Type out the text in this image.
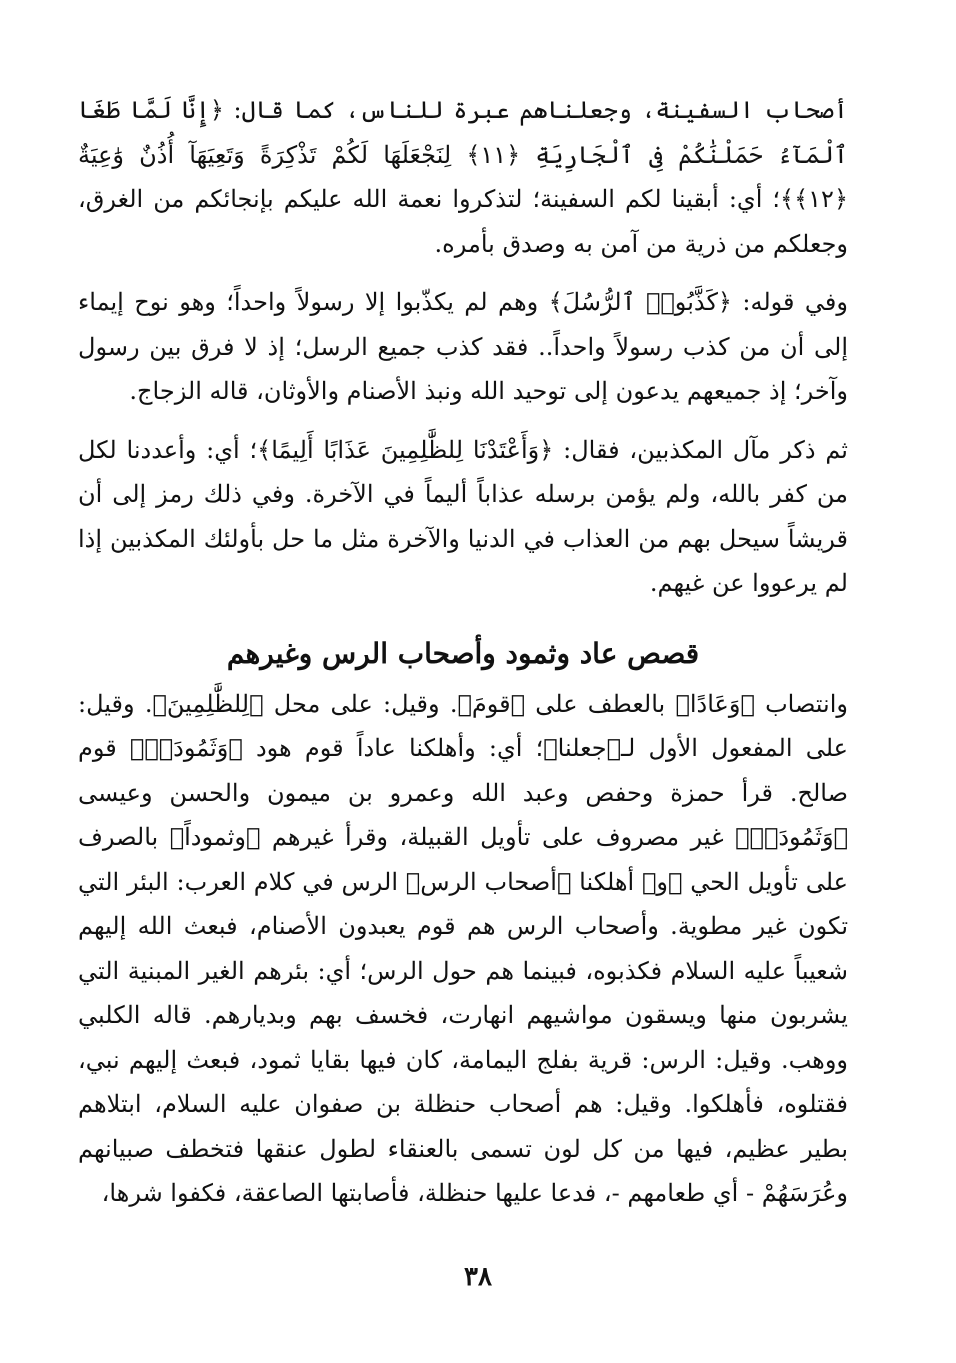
أصحاب السفينة، وجعلناهم عبرة للناس، كما قال: ﴿إِنَّا لَمَّا طَغَا ٱلْمَآءُ حَمَلْنَٰكُمْ فِى ٱلْجَارِيَةِ ﴿١١﴾ لِنَجْعَلَهَا لَكُمْ تَذْكِرَةً وَتَعِيَهَآ أُذُنٌ وَٰعِيَةٌ ﴿١٢﴾﴾؛ أي: أبقينا لكم السفينة؛ لتذكروا نعمة الله عليكم بإنجائكم من الغرق، وجعلكم من ذرية من آمن به وصدق بأمره.

وفي قوله: ﴿كَذَّبُوا۟ ٱلرُّسُلَ﴾ وهم لم يكذّبوا إلا رسولاً واحداً؛ وهو نوح إيماء إلى أن من كذب رسولاً واحداً.. فقد كذب جميع الرسل؛ إذ لا فرق بين رسول وآخر؛ إذ جميعهم يدعون إلى توحيد الله ونبذ الأصنام والأوثان، قاله الزجاج.

ثم ذكر مآل المكذبين، فقال: ﴿وَأَعْتَدْنَا لِلظَّٰلِمِينَ عَذَابًا أَلِيمًا﴾؛ أي: وأعددنا لكل من كفر بالله، ولم يؤمن برسله عذاباً أليماً في الآخرة. وفي ذلك رمز إلى أن قريشاً سيحل بهم من العذاب في الدنيا والآخرة مثل ما حل بأولئك المكذبين إذا لم يرعووا عن غيهم.

قصص عاد وثمود وأصحاب الرس وغيرهم

وانتصاب ﴿وَعَادًا﴾ بالعطف على ﴿قومَ﴾. وقيل: على محل ﴿لِلظَّٰلِمِينَ﴾. وقيل: على المفعول الأول لـ﴿جعلنا﴾؛ أي: وأهلكنا عاداً قوم هود ﴿وَثَمُودَا۟﴾ قوم صالح. قرأ حمزة وحفص وعبد الله وعمرو بن ميمون والحسن وعيسى ﴿وَثَمُودَا۟﴾ غير مصروف على تأويل القبيلة، وقرأ غيرهم ﴿وثموداً﴾ بالصرف على تأويل الحي ﴿و﴾ أهلكنا ﴿أصحاب الرس﴾ الرس في كلام العرب: البئر التي تكون غير مطوية. وأصحاب الرس هم قوم يعبدون الأصنام، فبعث الله إليهم شعيباً عليه السلام فكذبوه، فبينما هم حول الرس؛ أي: بئرهم الغير المبنية التي يشربون منها ويسقون مواشيهم انهارت، فخسف بهم وبديارهم. قاله الكلبي ووهب. وقيل: الرس: قرية بفلج اليمامة، كان فيها بقايا ثمود، فبعث إليهم نبي، فقتلوه، فأهلكوا. وقيل: هم أصحاب حنظلة بن صفوان عليه السلام، ابتلاهم بطير عظيم، فيها من كل لون تسمى بالعنقاء لطول عنقها فتخطف صبيانهم وعُرَسَهُمْ - أي طعامهم -، فدعا عليها حنظلة، فأصابتها الصاعقة، فكفوا شرها،

٣٨
